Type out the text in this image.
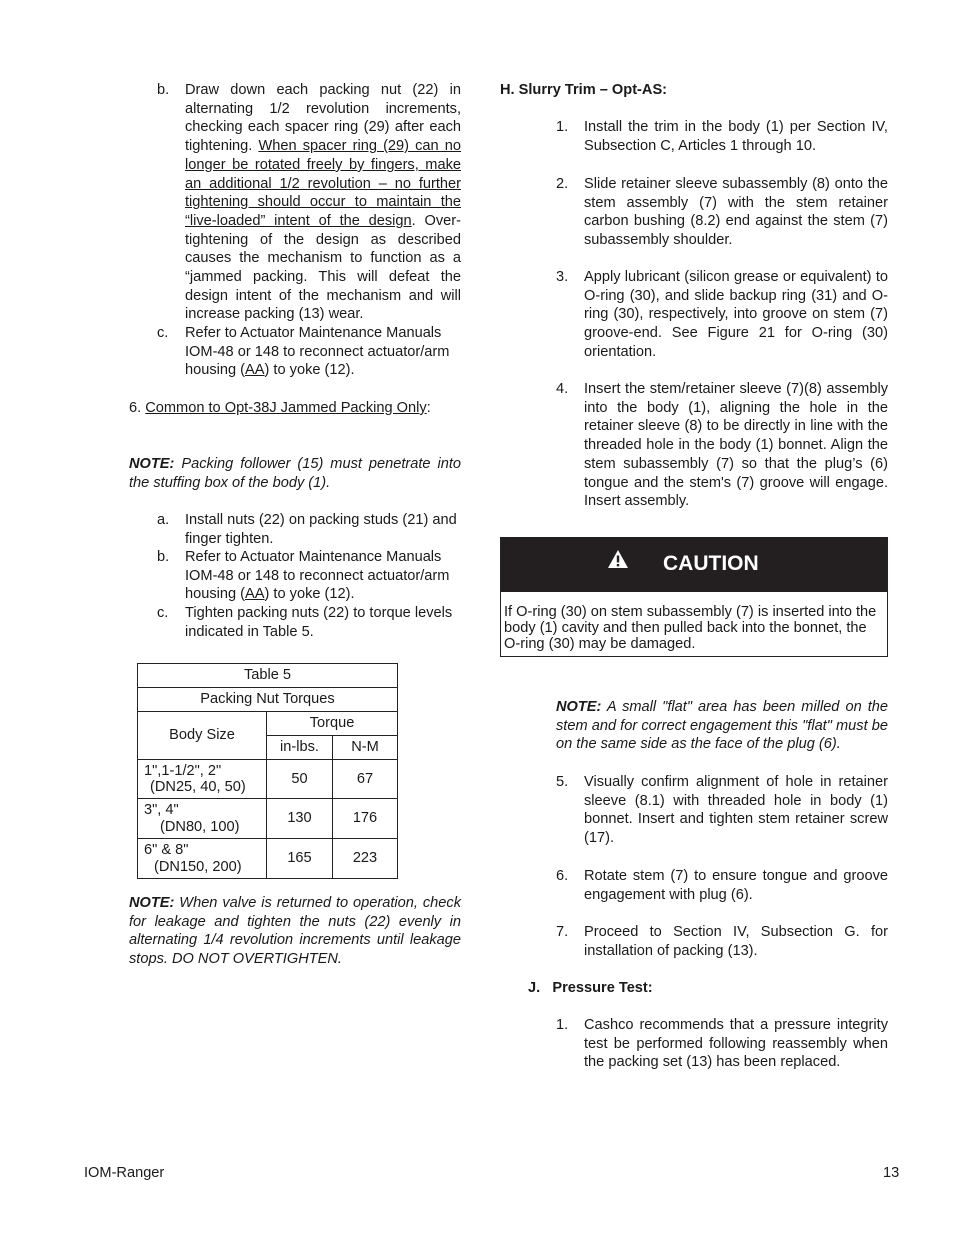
b. Draw down each packing nut (22) in alternating 1/2 revolution increments, checking each spacer ring (29) after each tightening. When spacer ring (29) can no longer be rotated freely by fingers, make an additional 1/2 revolution – no further tightening should occur to maintain the “live-loaded” intent of the design. Over-tightening of the design as described causes the mechanism to function as a “jammed packing. This will defeat the design intent of the mechanism and will increase packing (13) wear.
c. Refer to Actuator Maintenance Manuals IOM-48 or 148 to reconnect actuator/arm housing (AA) to yoke (12).
6. Common to Opt-38J Jammed Packing Only:
NOTE: Packing follower (15) must penetrate into the stuffing box of the body (1).
a. Install nuts (22) on packing studs (21) and finger tighten.
b. Refer to Actuator Maintenance Manuals IOM-48 or 148 to reconnect actuator/arm housing (AA) to yoke (12).
c. Tighten packing nuts (22) to torque levels indicated in Table 5.
Table 5		
Packing Nut Torques		
Body Size	Torque	
	in-lbs.	N-M
1",1-1/2", 2"
(DN25, 40, 50)	50	67
3", 4"
(DN80, 100)	130	176
6" & 8"
(DN150, 200)	165	223
NOTE: When valve is returned to operation, check for leakage and tighten the nuts (22) evenly in alternating 1/4 revolution increments until leakage stops. DO NOT OVERTIGHTEN.
H. Slurry Trim – Opt-AS:
1. Install the trim in the body (1) per Section IV, Subsection C, Articles 1 through 10.
2. Slide retainer sleeve subassembly (8) onto the stem assembly (7) with the stem retainer carbon bushing (8.2) end against the stem (7) subassembly shoulder.
3. Apply lubricant (silicon grease or equivalent) to O-ring (30), and slide backup ring (31) and O-ring (30), respectively, into groove on stem (7) groove-end. See Figure 21 for O-ring (30) orientation.
4. Insert the stem/retainer sleeve (7)(8) assembly into the body (1), aligning the hole in the retainer sleeve (8) to be directly in line with the threaded hole in the body (1) bonnet. Align the stem subassembly (7) so that the plug’s (6) tongue and the stem's (7) groove will engage. Insert assembly.
CAUTION
If O-ring (30) on stem subassembly (7) is inserted into the body (1) cavity and then pulled back into the bonnet, the O-ring (30) may be damaged.
NOTE: A small "flat" area has been milled on the stem and for correct engagement this "flat" must be on the same side as the face of the plug (6).
5. Visually confirm alignment of hole in retainer sleeve (8.1) with threaded hole in body (1) bonnet. Insert and tighten stem retainer screw (17).
6. Rotate stem (7) to ensure tongue and groove engagement with plug (6).
7. Proceed to Section IV, Subsection G. for installation of packing (13).
J.   Pressure Test:
1. Cashco recommends that a pressure integrity test be performed following reassembly when the packing set (13) has been replaced.
IOM-Ranger	13
